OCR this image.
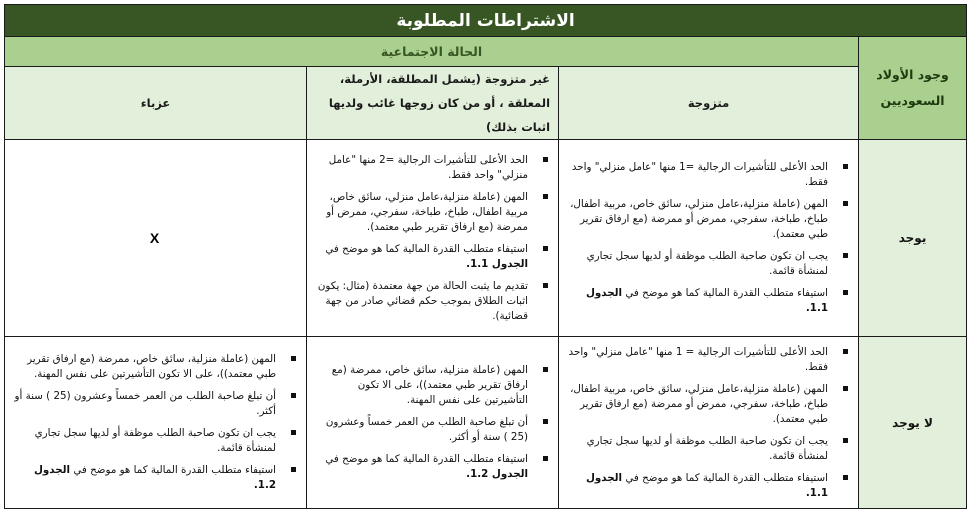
الاشتراطات المطلوبة			
وجود الأولاد السعوديين	الحالة الاجتماعية		
	متزوجة	غير متزوجة (يشمل المطلقة، الأرملة، المعلقة ، أو من كان زوجها غائب ولديها اثبات بذلك)	عزباء
يوجد	
الحد الأعلى للتأشيرات الرجالية =1 منها "عامل منزلي" واحد فقط.
المهن (عاملة منزلية،عامل منزلي، سائق خاص، مربية اطفال، طباخ، طباخة، سفرجي، ممرض أو ممرضة (مع ارفاق تقرير طبي معتمد).
يجب ان تكون صاحبة الطلب موظفة أو لديها سجل تجاري لمنشأة قائمة.
استيفاء متطلب القدرة المالية كما هو موضح في الجدول 1.1.

الحد الأعلى للتأشيرات الرجالية =2 منها "عامل منزلي" واحد فقط.
المهن (عاملة منزلية،عامل منزلي، سائق خاص، مربية اطفال، طباخ، طباخة، سفرجي، ممرض أو ممرضة (مع ارفاق تقرير طبي معتمد).
استيفاء متطلب القدرة المالية كما هو موضح في الجدول 1.1.
تقديم ما يثبت الحالة من جهة معتمدة (مثال: يكون اثبات الطلاق بموجب حكم قضائي صادر من جهة قضائية).
	X
لا يوجد	
الحد الأعلى للتأشيرات الرجالية = 1 منها "عامل منزلي" واحد فقط.
المهن (عاملة منزلية،عامل منزلي، سائق خاص، مربية اطفال، طباخ، طباخة، سفرجي، ممرض أو ممرضة (مع ارفاق تقرير طبي معتمد).
يجب ان تكون صاحبة الطلب موظفة أو لديها سجل تجاري لمنشأة قائمة.
استيفاء متطلب القدرة المالية كما هو موضح في الجدول 1.1.

المهن (عاملة منزلية، سائق خاص، ممرضة (مع ارفاق تقرير طبي معتمد))، على الا تكون التأشيرتين على نفس المهنة.
أن تبلغ صاحبة الطلب من العمر خمساً وعشرون (25 ) سنة أو أكثر.
استيفاء متطلب القدرة المالية كما هو موضح في الجدول 1.2.

المهن (عاملة منزلية، سائق خاص، ممرضة (مع ارفاق تقرير طبي معتمد))، على الا تكون التأشيرتين على نفس المهنة.
أن تبلغ صاحبة الطلب من العمر خمساً وعشرون (25 ) سنة أو أكثر.
يجب ان تكون صاحبة الطلب موظفة أو لديها سجل تجاري لمنشأة قائمة.
استيفاء متطلب القدرة المالية كما هو موضح في الجدول 1.2.
